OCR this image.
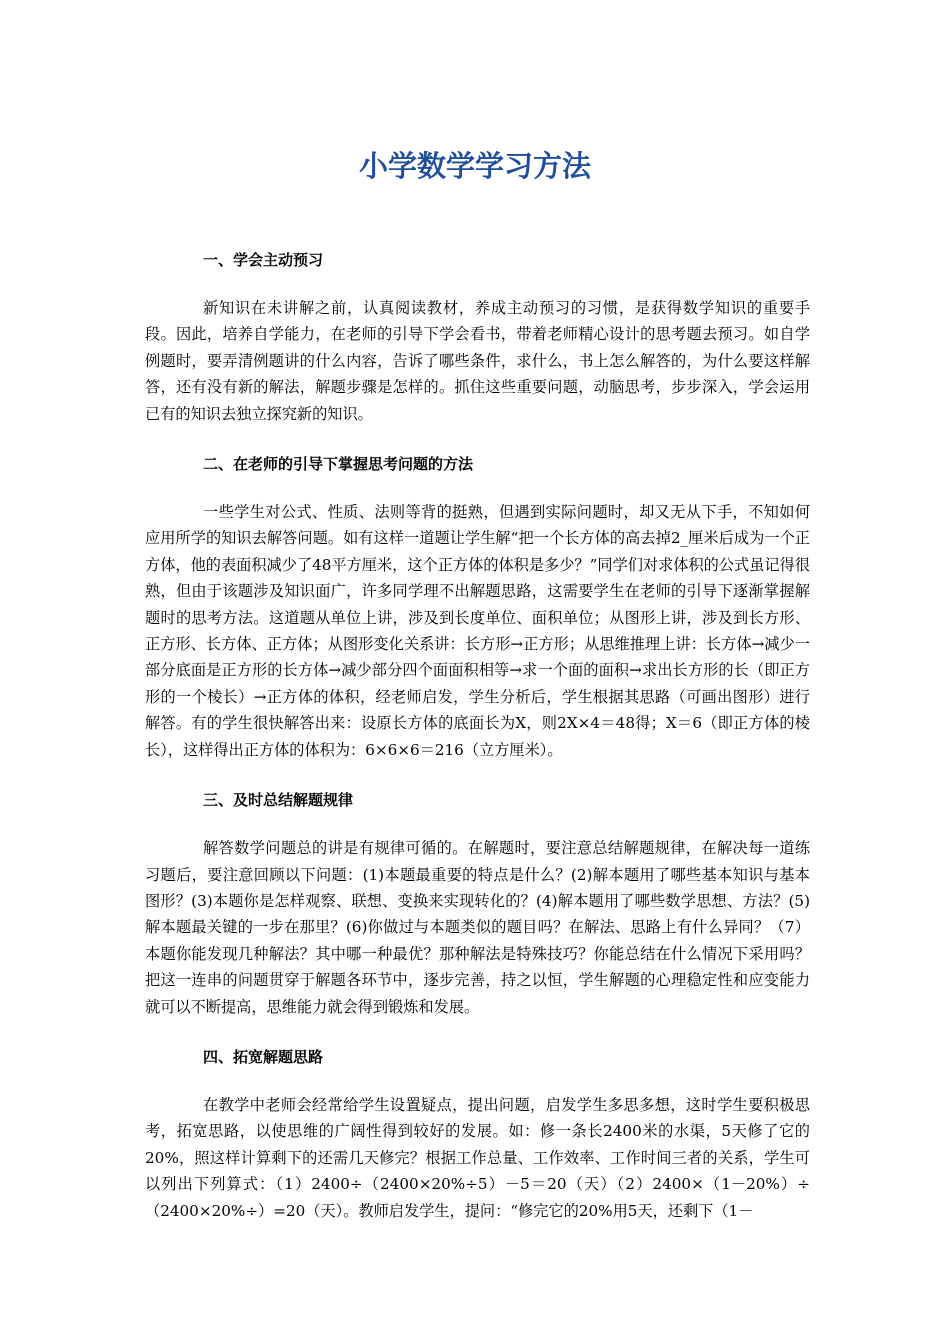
小学数学学习方法
一、学会主动预习

新知识在未讲解之前，认真阅读教材，养成主动预习的习惯，是获得数学知识的重要手段。因此，培养自学能力，在老师的引导下学会看书，带着老师精心设计的思考题去预习。如自学例题时，要弄清例题讲的什么内容，告诉了哪些条件，求什么，书上怎么解答的，为什么要这样解答，还有没有新的解法，解题步骤是怎样的。抓住这些重要问题，动脑思考，步步深入，学会运用已有的知识去独立探究新的知识。

二、在老师的引导下掌握思考问题的方法

一些学生对公式、性质、法则等背的挺熟，但遇到实际问题时，却又无从下手，不知如何应用所学的知识去解答问题。如有这样一道题让学生解“把一个长方体的高去掉2_厘米后成为一个正方体，他的表面积减少了48平方厘米，这个正方体的体积是多少？”同学们对求体积的公式虽记得很熟，但由于该题涉及知识面广，许多同学理不出解题思路，这需要学生在老师的引导下逐渐掌握解题时的思考方法。这道题从单位上讲，涉及到长度单位、面积单位；从图形上讲，涉及到长方形、正方形、长方体、正方体；从图形变化关系讲：长方形→正方形；从思维推理上讲：长方体→减少一部分底面是正方形的长方体→减少部分四个面面积相等→求一个面的面积→求出长方形的长（即正方形的一个棱长）→正方体的体积，经老师启发，学生分析后，学生根据其思路（可画出图形）进行解答。有的学生很快解答出来：设原长方体的底面长为X，则2X×4＝48得；X＝6（即正方体的棱长），这样得出正方体的体积为：6×6×6＝216（立方厘米）。

三、及时总结解题规律

解答数学问题总的讲是有规律可循的。在解题时，要注意总结解题规律，在解决每一道练习题后，要注意回顾以下问题：(1)本题最重要的特点是什么？(2)解本题用了哪些基本知识与基本图形？(3)本题你是怎样观察、联想、变换来实现转化的？(4)解本题用了哪些数学思想、方法？(5)解本题最关键的一步在那里？(6)你做过与本题类似的题目吗？在解法、思路上有什么异同？（7）本题你能发现几种解法？其中哪一种最优？那种解法是特殊技巧？你能总结在什么情况下采用吗？把这一连串的问题贯穿于解题各环节中，逐步完善，持之以恒，学生解题的心理稳定性和应变能力就可以不断提高，思维能力就会得到锻炼和发展。

四、拓宽解题思路

在教学中老师会经常给学生设置疑点，提出问题，启发学生多思多想，这时学生要积极思考，拓宽思路，以使思维的广阔性得到较好的发展。如：修一条长2400米的水渠，5天修了它的20%，照这样计算剩下的还需几天修完？根据工作总量、工作效率、工作时间三者的关系，学生可以列出下列算式：（1）2400÷（2400×20%÷5）－5＝20（天）（2）2400×（1－20%）÷（2400×20%÷）=20（天）。教师启发学生，提问：“修完它的20%用5天，还剩下（1－
